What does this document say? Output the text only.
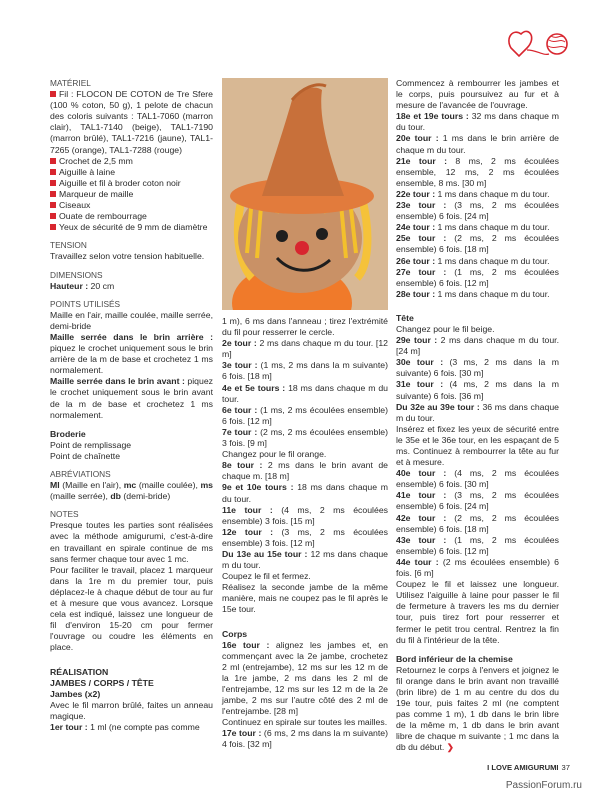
MATÉRIEL

Fil : FLOCON DE COTON de Tre Sfere (100 % coton, 50 g), 1 pelote de chacun des coloris suivants : TAL1-7060 (marron clair), TAL1-7140 (beige), TAL1-7190 (marron brûlé), TAL1-7216 (jaune), TAL1-7265 (orange), TAL1-7288 (rouge)

Crochet de 2,5 mm

Aiguille à laine

Aiguille et fil à broder coton noir

Marqueur de maille

Ciseaux

Ouate de rembourrage

Yeux de sécurité de 9 mm de diamètre

TENSION

Travaillez selon votre tension habituelle.

DIMENSIONS

Hauteur : 20 cm

POINTS UTILISÉS

Maille en l'air, maille coulée, maille serrée, demi-bride

Maille serrée dans le brin arrière : piquez le crochet uniquement sous le brin arrière de la m de base et crochetez 1 ms normalement.

Maille serrée dans le brin avant : piquez le crochet uniquement sous le brin avant de la m de base et crochetez 1 ms normalement.

Broderie

Point de remplissage

Point de chaînette

ABRÉVIATIONS

Ml (Maille en l'air), mc (maille coulée), ms (maille serrée), db (demi-bride)

NOTES

Presque toutes les parties sont réalisées avec la méthode amigurumi, c'est-à-dire en travaillant en spirale continue de ms sans fermer chaque tour avec 1 mc.

Pour faciliter le travail, placez 1 marqueur dans la 1re m du premier tour, puis déplacez-le à chaque début de tour au fur et à mesure que vous avancez. Lorsque cela est indiqué, laissez une longueur de fil d'environ 15-20 cm pour fermer l'ouvrage ou coudre les éléments en place.

RÉALISATION
JAMBES / CORPS / TÊTE
Jambes (x2)

Avec le fil marron brûlé, faites un anneau magique.

1er tour : 1 ml (ne compte pas comme

1 m), 6 ms dans l'anneau ; tirez l'extrémité du fil pour resserrer le cercle.

2e tour : 2 ms dans chaque m du tour. [12 m]

3e tour : (1 ms, 2 ms dans la m suivante) 6 fois. [18 m]

4e et 5e tours : 18 ms dans chaque m du tour.

6e tour : (1 ms, 2 ms écoulées ensemble) 6 fois. [12 m]

7e tour : (2 ms, 2 ms écoulées ensemble) 3 fois. [9 m]

Changez pour le fil orange.

8e tour : 2 ms dans le brin avant de chaque m. [18 m]

9e et 10e tours : 18 ms dans chaque m du tour.

11e tour : (4 ms, 2 ms écoulées ensemble) 3 fois. [15 m]

12e tour : (3 ms, 2 ms écoulées ensemble) 3 fois. [12 m]

Du 13e au 15e tour : 12 ms dans chaque m du tour.

Coupez le fil et fermez.

Réalisez la seconde jambe de la même manière, mais ne coupez pas le fil après le 15e tour.

Corps

16e tour : alignez les jambes et, en commençant avec la 2e jambe, crochetez 2 ml (entrejambe), 12 ms sur les 12 m de la 1re jambe, 2 ms dans les 2 ml de l'entrejambe, 12 ms sur les 12 m de la 2e jambe, 2 ms sur l'autre côté des 2 ml de l'entrejambe. [28 m]

Continuez en spirale sur toutes les mailles.

17e tour : (6 ms, 2 ms dans la m suivante) 4 fois. [32 m]

Commencez à rembourrer les jambes et le corps, puis poursuivez au fur et à mesure de l'avancée de l'ouvrage.

18e et 19e tours : 32 ms dans chaque m du tour.

20e tour : 1 ms dans le brin arrière de chaque m du tour.

21e tour : 8 ms, 2 ms écoulées ensemble, 12 ms, 2 ms écoulées ensemble, 8 ms. [30 m]

22e tour : 1 ms dans chaque m du tour.

23e tour : (3 ms, 2 ms écoulées ensemble) 6 fois. [24 m]

24e tour : 1 ms dans chaque m du tour.

25e tour : (2 ms, 2 ms écoulées ensemble) 6 fois. [18 m]

26e tour : 1 ms dans chaque m du tour.

27e tour : (1 ms, 2 ms écoulées ensemble) 6 fois. [12 m]

28e tour : 1 ms dans chaque m du tour.

Tête

Changez pour le fil beige.

29e tour : 2 ms dans chaque m du tour. [24 m]

30e tour : (3 ms, 2 ms dans la m suivante) 6 fois. [30 m]

31e tour : (4 ms, 2 ms dans la m suivante) 6 fois. [36 m]

Du 32e au 39e tour : 36 ms dans chaque m du tour.

Insérez et fixez les yeux de sécurité entre le 35e et le 36e tour, en les espaçant de 5 ms. Continuez à rembourrer la tête au fur et à mesure.

40e tour : (4 ms, 2 ms écoulées ensemble) 6 fois. [30 m]

41e tour : (3 ms, 2 ms écoulées ensemble) 6 fois. [24 m]

42e tour : (2 ms, 2 ms écoulées ensemble) 6 fois. [18 m]

43e tour : (1 ms, 2 ms écoulées ensemble) 6 fois. [12 m]

44e tour : (2 ms écoulées ensemble) 6 fois. [6 m]

Coupez le fil et laissez une longueur. Utilisez l'aiguille à laine pour passer le fil de fermeture à travers les ms du dernier tour, puis tirez fort pour resserrer et fermer le petit trou central. Rentrez la fin du fil à l'intérieur de la tête.

Bord inférieur de la chemise

Retournez le corps à l'envers et joignez le fil orange dans le brin avant non travaillé (brin libre) de 1 m au centre du dos du 19e tour, puis faites 2 ml (ne comptent pas comme 1 m), 1 db dans le brin libre de la même m, 1 db dans le brin avant libre de chaque m suivante ; 1 mc dans la db du début. ❯

I LOVE AMIGURUMI 37
PassionForum.ru
